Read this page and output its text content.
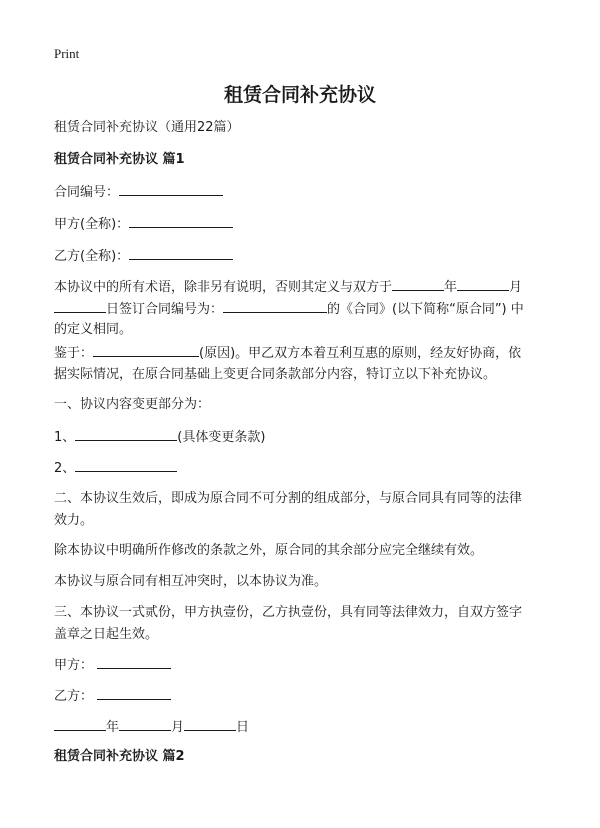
Print
租赁合同补充协议
租赁合同补充协议（通用22篇）
租赁合同补充协议 篇1
合同编号：
甲方(全称)：
乙方(全称)：
本协议中的所有术语，除非另有说明，否则其定义与双方于	年	月
日签订合同编号为：	的《合同》(以下简称“原合同”) 中
的定义相同。
鉴于：	(原因)。甲乙双方本着互利互惠的原则，经友好协商，依
据实际情况，在原合同基础上变更合同条款部分内容，特订立以下补充协议。
一、协议内容变更部分为：
1、	(具体变更条款)
2、
二、本协议生效后，即成为原合同不可分割的组成部分，与原合同具有同等的法律
效力。
除本协议中明确所作修改的条款之外，原合同的其余部分应完全继续有效。
本协议与原合同有相互冲突时，以本协议为准。
三、本协议一式贰份，甲方执壹份，乙方执壹份，具有同等法律效力，自双方签字
盖章之日起生效。
甲方：
乙方：
年	月	日
租赁合同补充协议 篇2
